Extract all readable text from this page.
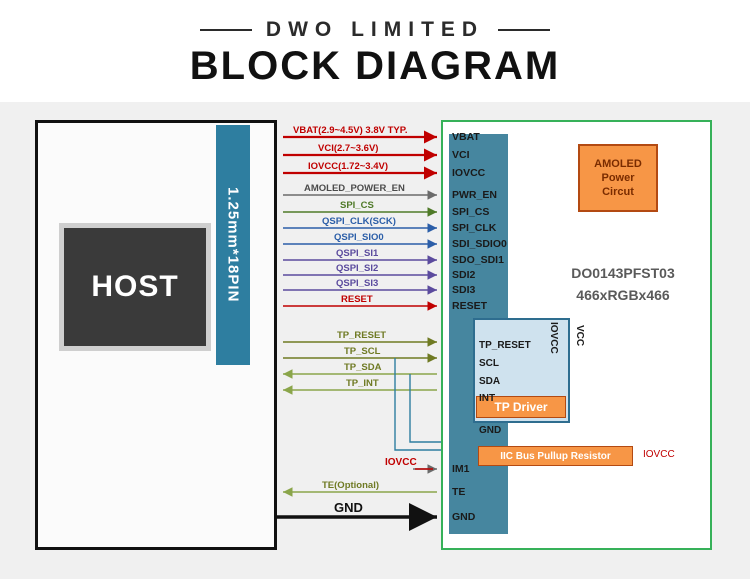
DWO LIMITED
BLOCK DIAGRAM
HOST	1.25mm*18PIN	DO0143PFST03
466xRGBx466
AMOLED
Power
Circut
TP Driver
IIC Bus Pullup Resistor	IOVCC
IOVCC VCC
TP_RESET
SCL
SDA
INT
GND
VBAT
VCI
IOVCC
PWR_EN
SPI_CS
SPI_CLK
SDI_SDIO0
SDO_SDI1
SDI2
SDI3
RESET
IM1
TE
GND
VBAT(2.9~4.5V) 3.8V TYP.
VCI(2.7~3.6V)
IOVCC(1.72~3.4V)
AMOLED_POWER_EN
SPI_CS
QSPI_CLK(SCK)
QSPI_SIO0
QSPI_SI1
QSPI_SI2
QSPI_SI3
RESET
TP_RESET
TP_SCL
TP_SDA
TP_INT
TE(Optional)
GND
IOVCC
